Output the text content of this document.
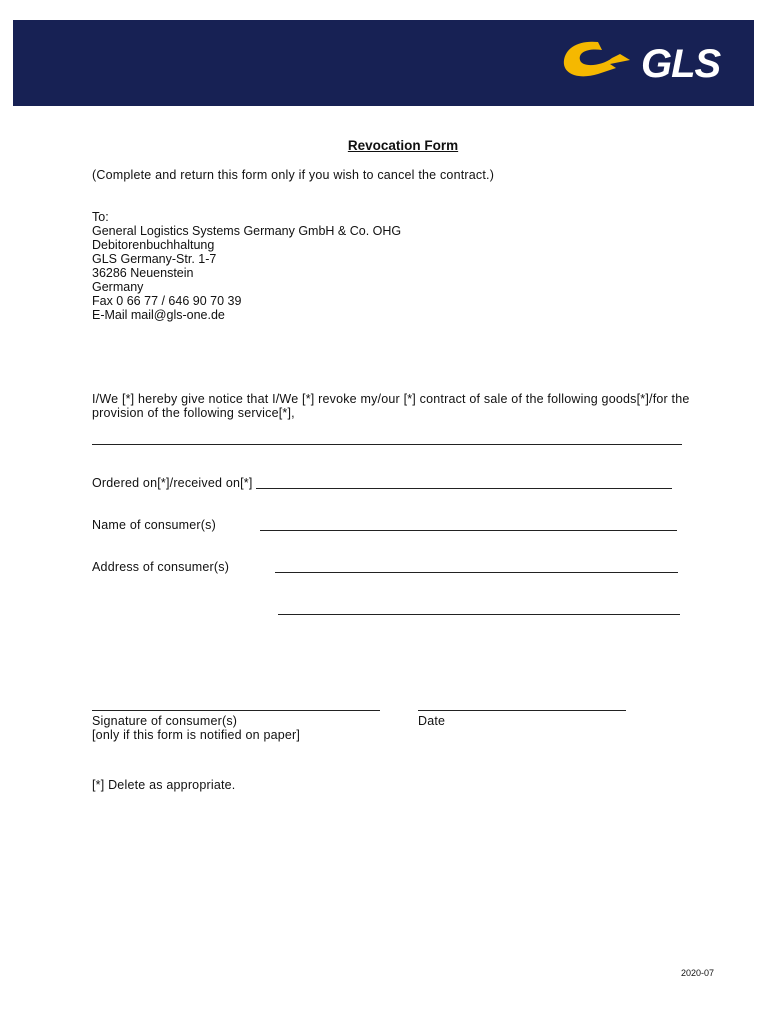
GLS
Revocation Form
(Complete and return this form only if you wish to cancel the contract.)
To:
General Logistics Systems Germany GmbH & Co. OHG
Debitorenbuchhaltung
GLS Germany-Str. 1-7
36286 Neuenstein
Germany
Fax 0 66 77 / 646 90 70 39
E-Mail mail@gls-one.de
I/We [*] hereby give notice that I/We [*] revoke my/our [*] contract of sale of the following goods[*]/for the
provision of the following service[*],
Ordered on[*]/received on[*]
Name of consumer(s)
Address of consumer(s)
Signature of consumer(s)	Date
[only if this form is notified on paper]
[*] Delete as appropriate.
2020-07
